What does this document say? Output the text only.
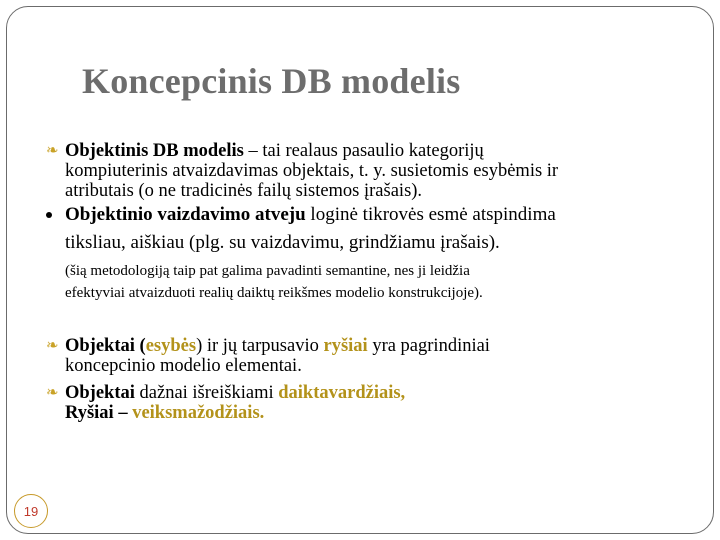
Koncepcinis DB modelis
❧ Objektinis DB modelis – tai realaus pasaulio kategorijų
kompiuterinis atvaizdavimas objektais, t. y. susietomis esybėmis ir
atributais (o ne tradicinės failų sistemos įrašais).
Objektinio vaizdavimo atveju loginė tikrovės esmė atspindima
tiksliau, aiškiau (plg. su vaizdavimu, grindžiamu įrašais).
(šią metodologiją taip pat galima pavadinti semantine, nes ji leidžia
efektyviai atvaizduoti realių daiktų reikšmes modelio konstrukcijoje).
❧ Objektai (esybės) ir jų tarpusavio ryšiai yra pagrindiniai
koncepcinio modelio elementai.
❧ Objektai dažnai išreiškiami daiktavardžiais,
Ryšiai – veiksmažodžiais.
19
